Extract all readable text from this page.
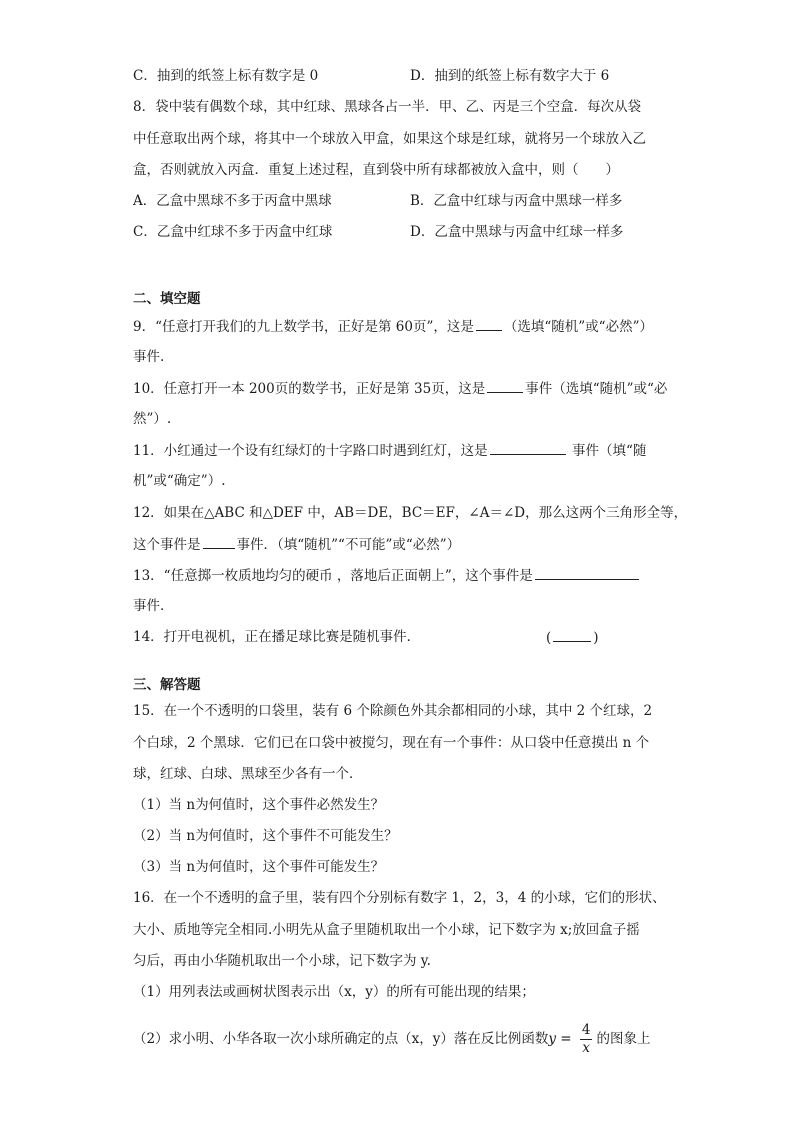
C．抽到的纸签上标有数字是 0	D．抽到的纸签上标有数字大于 6
8．袋中装有偶数个球，其中红球、黑球各占一半．甲、乙、丙是三个空盒．每次从袋
中任意取出两个球，将其中一个球放入甲盒，如果这个球是红球，就将另一个球放入乙
盒，否则就放入丙盒．重复上述过程，直到袋中所有球都被放入盒中，则（　　）
A．乙盒中黑球不多于丙盒中黑球	B．乙盒中红球与丙盒中黑球一样多
C．乙盒中红球不多于丙盒中红球	D．乙盒中黑球与丙盒中红球一样多
二、填空题
9．“任意打开我们的九上数学书，正好是第 60页”，这是 （选填“随机”或“必然”）
事件.
10．任意打开一本 200页的数学书，正好是第 35页，这是	事件（选填“随机”或“必
然”）.
11．小红通过一个设有红绿灯的十字路口时遇到红灯，这是	事件（填“随
机”或“确定”）.
12．如果在△ABC 和△DEF 中，AB＝DE，BC＝EF，∠A＝∠D，那么这两个三角形全等，
这个事件是	事件．（填“随机”“不可能”或“必然”）
13．“任意掷一枚质地均匀的硬币 ，落地后正面朝上”，这个事件是
事件．
14．打开电视机，正在播足球比赛是随机事件．	(	)
三、解答题
15．在一个不透明的口袋里，装有 6 个除颜色外其余都相同的小球，其中 2 个红球，2
个白球，2 个黑球．它们已在口袋中被搅匀，现在有一个事件：从口袋中任意摸出 n 个
球，红球、白球、黑球至少各有一个．
（1）当 n为何值时，这个事件必然发生？
（2）当 n为何值时，这个事件不可能发生？
（3）当 n为何值时，这个事件可能发生？
16．在一个不透明的盒子里，装有四个分别标有数字 1，2，3，4 的小球，它们的形状、
大小、质地等完全相同.小明先从盒子里随机取出一个小球，记下数字为 x;放回盒子摇
匀后，再由小华随机取出一个小球，记下数字为 y.
（1）用列表法或画树状图表示出（x，y）的所有可能出现的结果；
（2）求小明、小华各取一次小球所确定的点（x，y）落在反比例函数$y = \frac{4}{x}$ 的图象上
